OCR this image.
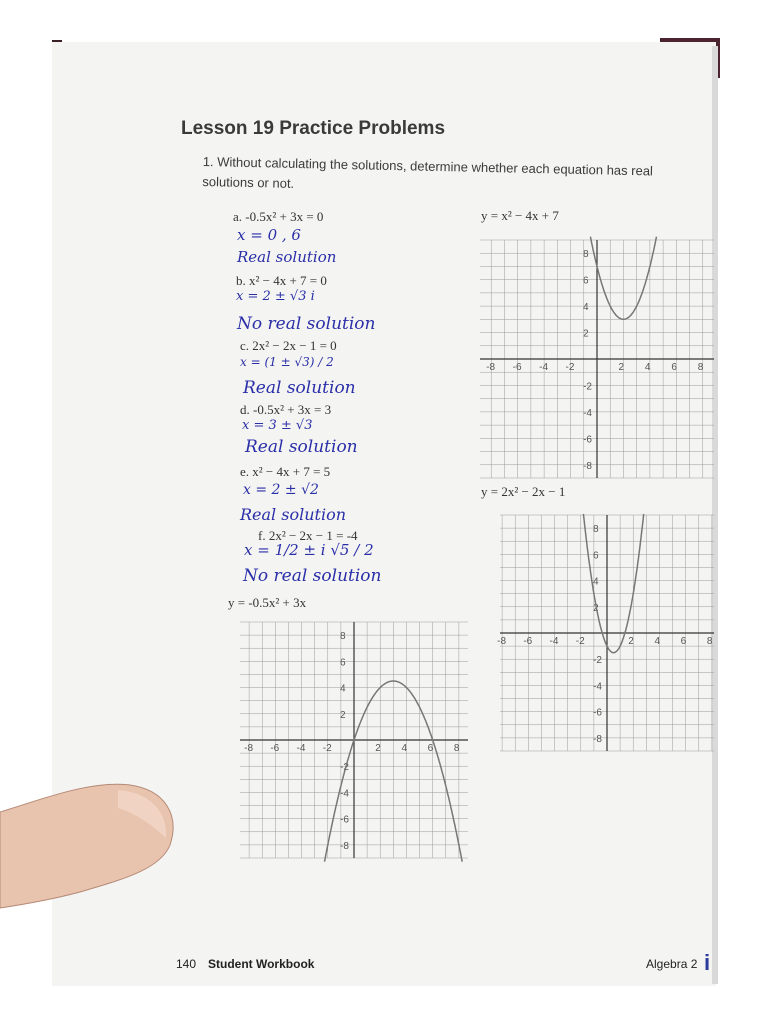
Lesson 19 Practice Problems
1. Without calculating the solutions, determine whether each equation has real solutions or not.
a. -0.5x² + 3x = 0
x = 0 , 6
Real solution
b. x² − 4x + 7 = 0
x = 2 ± √3 i
No real solution
c. 2x² − 2x − 1 = 0
x = (1 ± √3) / 2
Real solution
d. -0.5x² + 3x = 3
x = 3 ± √3
Real solution
e. x² − 4x + 7 = 5
x = 2 ± √2
Real solution
f. 2x² − 2x − 1 = -4
x = 1/2 ± i √5 / 2
No real solution
y = x² − 4x + 7
y = 2x² − 2x − 1
y = -0.5x² + 3x
-8 -6 -4 -2	2 4 6 8
8
6
4
2
-2
-4
-6
-8
-8 -6 -4 -2	2 4 6 8
8
6
4
2
-2
-4
-6
-8
-8 -6 -4 -2	2 4 6 8
8
6
4
2
-2
-4
-6
-8
140 Student Workbook	Algebra 2 i
